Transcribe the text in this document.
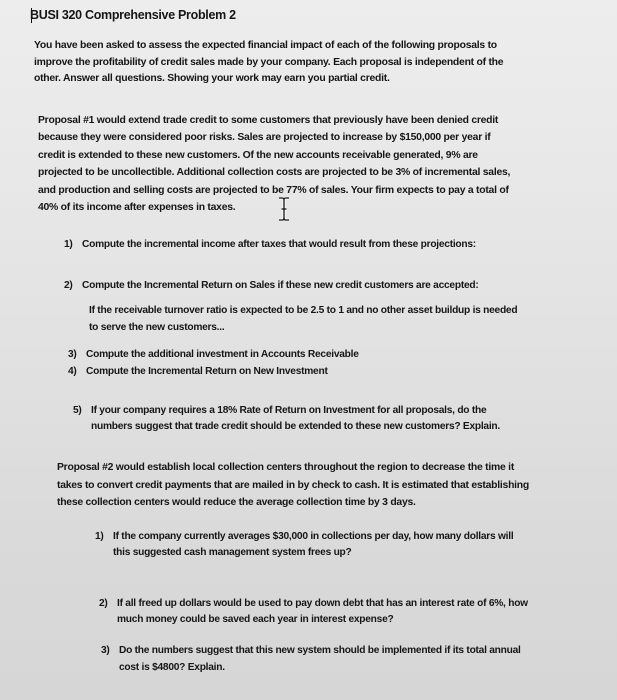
BUSI 320 Comprehensive Problem 2
You have been asked to assess the expected financial impact of each of the following proposals to
improve the profitability of credit sales made by your company. Each proposal is independent of the
other. Answer all questions. Showing your work may earn you partial credit.
Proposal #1 would extend trade credit to some customers that previously have been denied credit
because they were considered poor risks. Sales are projected to increase by $150,000 per year if
credit is extended to these new customers. Of the new accounts receivable generated, 9% are
projected to be uncollectible. Additional collection costs are projected to be 3% of incremental sales,
and production and selling costs are projected to be 77% of sales. Your firm expects to pay a total of
40% of its income after expenses in taxes.
1) Compute the incremental income after taxes that would result from these projections:
2) Compute the Incremental Return on Sales if these new credit customers are accepted:
If the receivable turnover ratio is expected to be 2.5 to 1 and no other asset buildup is needed
to serve the new customers...
3) Compute the additional investment in Accounts Receivable
4) Compute the Incremental Return on New Investment
5) If your company requires a 18% Rate of Return on Investment for all proposals, do the
numbers suggest that trade credit should be extended to these new customers? Explain.
Proposal #2 would establish local collection centers throughout the region to decrease the time it
takes to convert credit payments that are mailed in by check to cash. It is estimated that establishing
these collection centers would reduce the average collection time by 3 days.
1) If the company currently averages $30,000 in collections per day, how many dollars will
this suggested cash management system frees up?
2) If all freed up dollars would be used to pay down debt that has an interest rate of 6%, how
much money could be saved each year in interest expense?
3) Do the numbers suggest that this new system should be implemented if its total annual
cost is $4800? Explain.
